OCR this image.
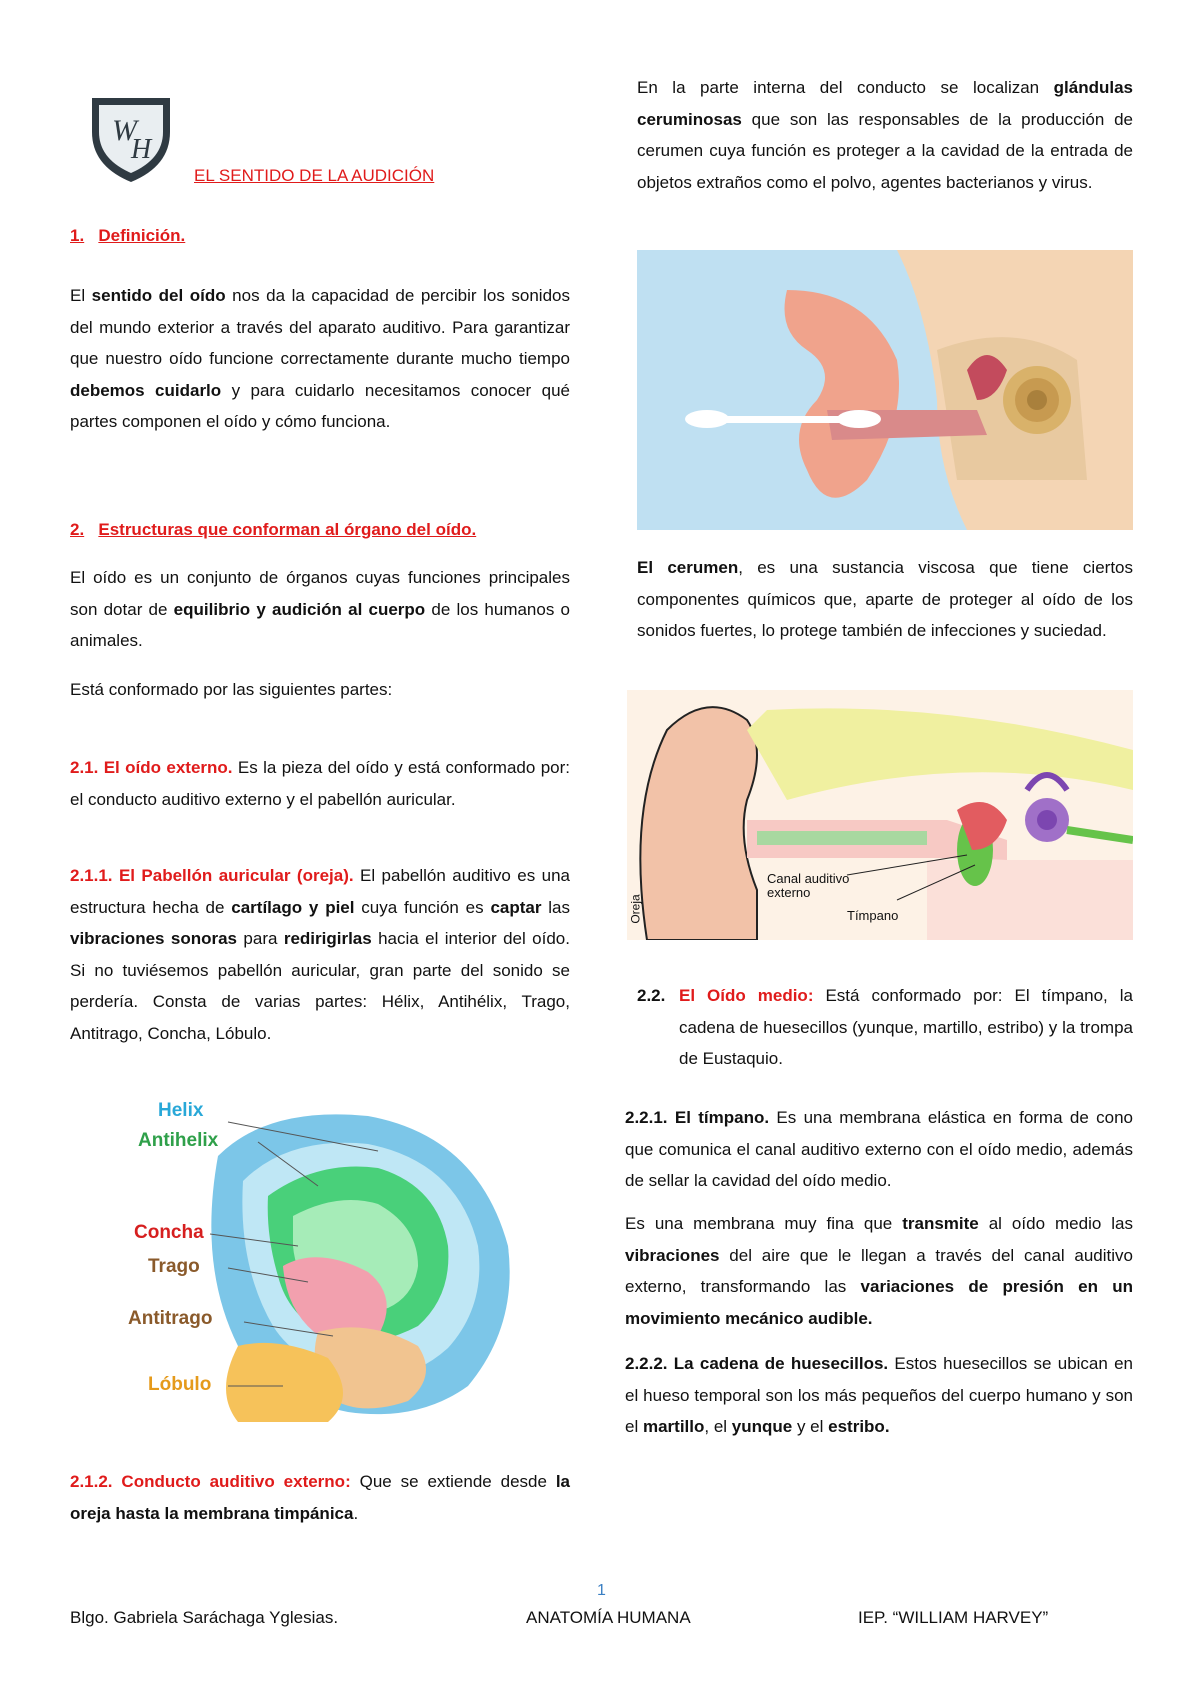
W
H
EL SENTIDO DE LA AUDICIÓN
1. Definición.

El sentido del oído nos da la capacidad de percibir los sonidos del mundo exterior a través del aparato auditivo. Para garantizar que nuestro oído funcione correctamente durante mucho tiempo debemos cuidarlo y para cuidarlo necesitamos conocer qué partes componen el oído y cómo funciona.

2. Estructuras que conforman al órgano del oído.

El oído es un conjunto de órganos cuyas funciones principales son dotar de equilibrio y audición al cuerpo de los humanos o animales.

Está conformado por las siguientes partes:

2.1. El oído externo. Es la pieza del oído y está conformado por: el conducto auditivo externo y el pabellón auricular.

2.1.1. El Pabellón auricular (oreja). El pabellón auditivo es una estructura hecha de cartílago y piel cuya función es captar las vibraciones sonoras para redirigirlas hacia el interior del oído. Si no tuviésemos pabellón auricular, gran parte del sonido se perdería. Consta de varias partes: Hélix, Antihélix, Trago, Antitrago, Concha, Lóbulo.

Helix
Antihelix
Concha
Trago
Antitrago
Lóbulo

2.1.2. Conducto auditivo externo: Que se extiende desde la oreja hasta la membrana timpánica.

En la parte interna del conducto se localizan glándulas ceruminosas que son las responsables de la producción de cerumen cuya función es proteger a la cavidad de la entrada de objetos extraños como el polvo, agentes bacterianos y virus.

El cerumen, es una sustancia viscosa que tiene ciertos componentes químicos que, aparte de proteger al oído de los sonidos fuertes, lo protege también de infecciones y suciedad.

Canal auditivo externo
Tímpano
Oreja
2.2. El Oído medio: Está conformado por: El tímpano, la cadena de huesecillos (yunque, martillo, estribo) y la trompa de Eustaquio.

2.2.1. El tímpano. Es una membrana elástica en forma de cono que comunica el canal auditivo externo con el oído medio, además de sellar la cavidad del oído medio.

Es una membrana muy fina que transmite al oído medio las vibraciones del aire que le llegan a través del canal auditivo externo, transformando las variaciones de presión en un movimiento mecánico audible.

2.2.2. La cadena de huesecillos. Estos huesecillos se ubican en el hueso temporal son los más pequeños del cuerpo humano y son el martillo, el yunque y el estribo.

1
Blgo. Gabriela Saráchaga Yglesias.	ANATOMÍA HUMANA	IEP. “WILLIAM HARVEY”
